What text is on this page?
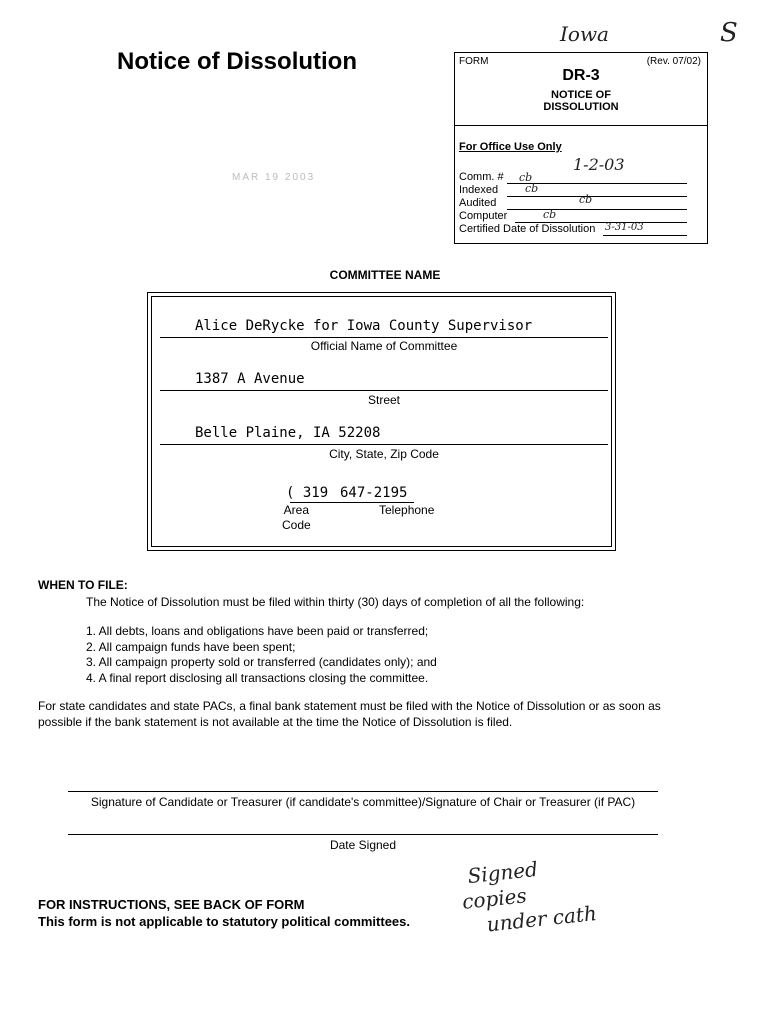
Iowa	S
Notice of Dissolution	FORM	(Rev. 07/02)
DR-3
NOTICE OF
DISSOLUTION
For Office Use Only
1-2-03
Comm. # cb
Indexed cb
Audited	cb
Computer	cb
Certified Date of Dissolution 3-31-03
MAR 19 2003
COMMITTEE NAME
Alice DeRycke for Iowa County Supervisor
Official Name of Committee
1387 A Avenue
Street
Belle Plaine, IA 52208
City, State, Zip Code
( 319 647-2195
Area
Code
Telephone
WHEN TO FILE:
The Notice of Dissolution must be filed within thirty (30) days of completion of all the following:
1. All debts, loans and obligations have been paid or transferred;
2. All campaign funds have been spent;
3. All campaign property sold or transferred (candidates only); and
4. A final report disclosing all transactions closing the committee.
For state candidates and state PACs, a final bank statement must be filed with the Notice of Dissolution or as soon as possible if the bank statement is not available at the time the Notice of Dissolution is filed.
Signature of Candidate or Treasurer (if candidate's committee)/Signature of Chair or Treasurer (if PAC)
Date Signed
FOR INSTRUCTIONS, SEE BACK OF FORM
This form is not applicable to statutory political committees.
Signed
copies
under cath
